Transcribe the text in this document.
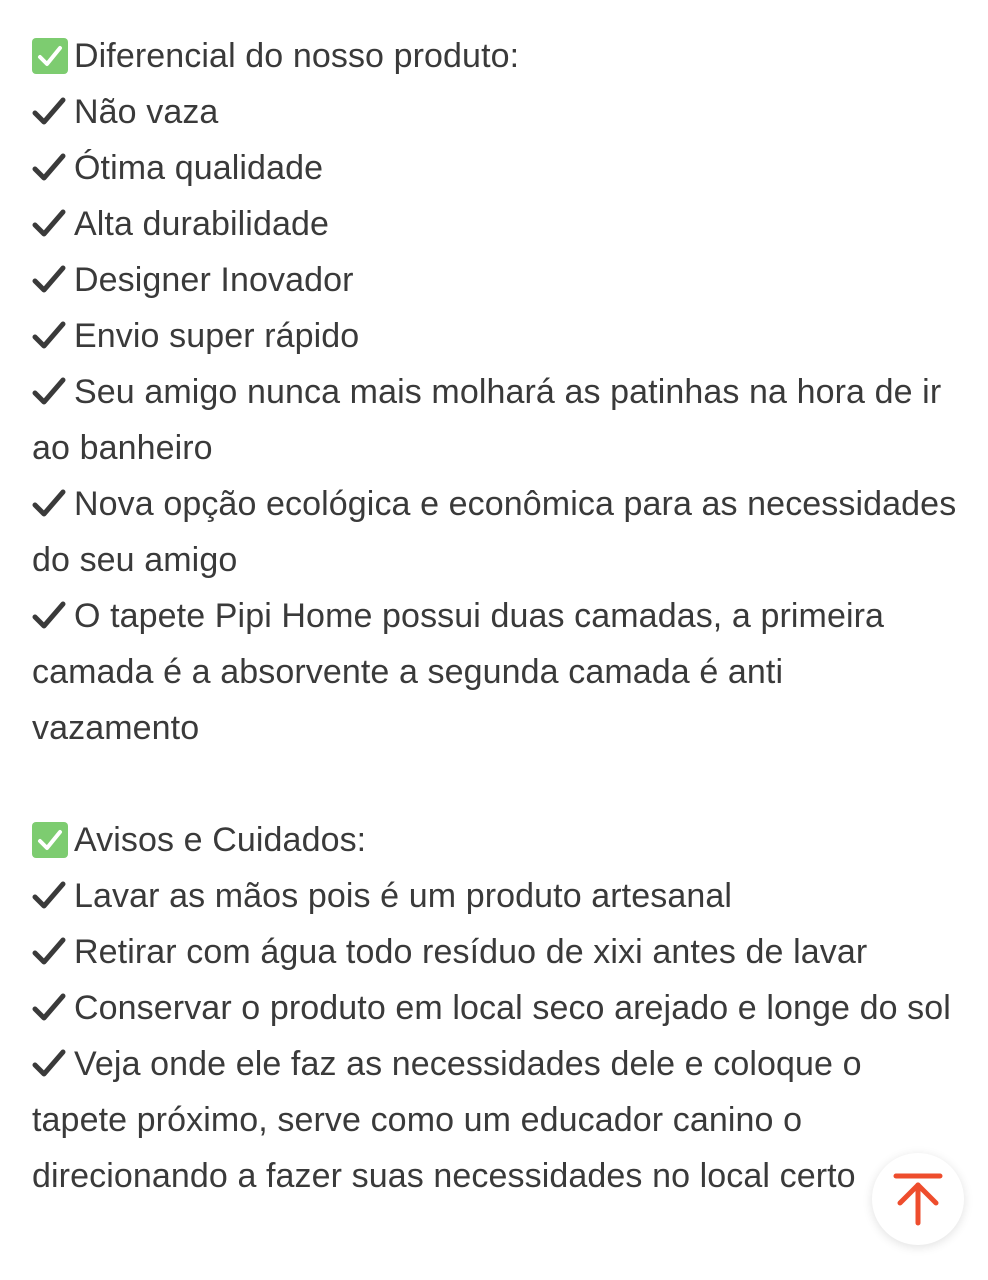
Diferencial do nosso produto:
Não vaza
Ótima qualidade
Alta durabilidade
Designer Inovador
Envio super rápido
Seu amigo nunca mais molhará as patinhas na hora de ir ao banheiro
Nova opção ecológica e econômica para as necessidades do seu amigo
O tapete Pipi Home possui duas camadas, a primeira camada é a absorvente a segunda camada é anti vazamento
Avisos e Cuidados:
Lavar as mãos pois é um produto artesanal
Retirar com água todo resíduo de xixi antes de lavar
Conservar o produto em local seco arejado e longe do sol
Veja onde ele faz as necessidades dele e coloque o tapete próximo, serve como um educador canino o direcionando a fazer suas necessidades no local certo
